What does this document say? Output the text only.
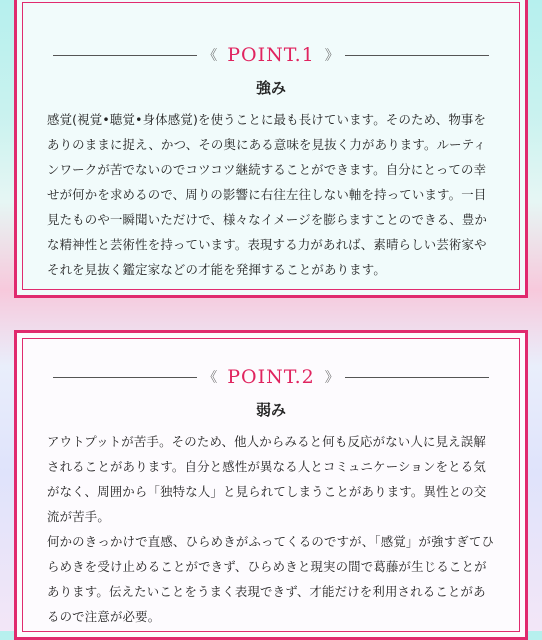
《 POINT.1 》
強み

感覚(視覚•聴覚•身体感覚)を使うことに最も長けています。そのため、物事をありのままに捉え、かつ、その奥にある意味を見抜く力があります。ルーティンワークが苦でないのでコツコツ継続することができます。自分にとっての幸せが何かを求めるので、周りの影響に右往左往しない軸を持っています。一目見たものや一瞬聞いただけで、様々なイメージを膨らますことのできる、豊かな精神性と芸術性を持っています。表現する力があれば、素晴らしい芸術家やそれを見抜く鑑定家などの才能を発揮することがあります。

《 POINT.2 》
弱み

アウトプットが苦手。そのため、他人からみると何も反応がない人に見え誤解されることがあります。自分と感性が異なる人とコミュニケーションをとる気がなく、周囲から「独特な人」と見られてしまうことがあります。異性との交流が苦手。

何かのきっかけで直感、ひらめきがふってくるのですが、「感覚」が強すぎてひらめきを受け止めることができず、ひらめきと現実の間で葛藤が生じることがあります。伝えたいことをうまく表現できず、才能だけを利用されることがあるので注意が必要。
